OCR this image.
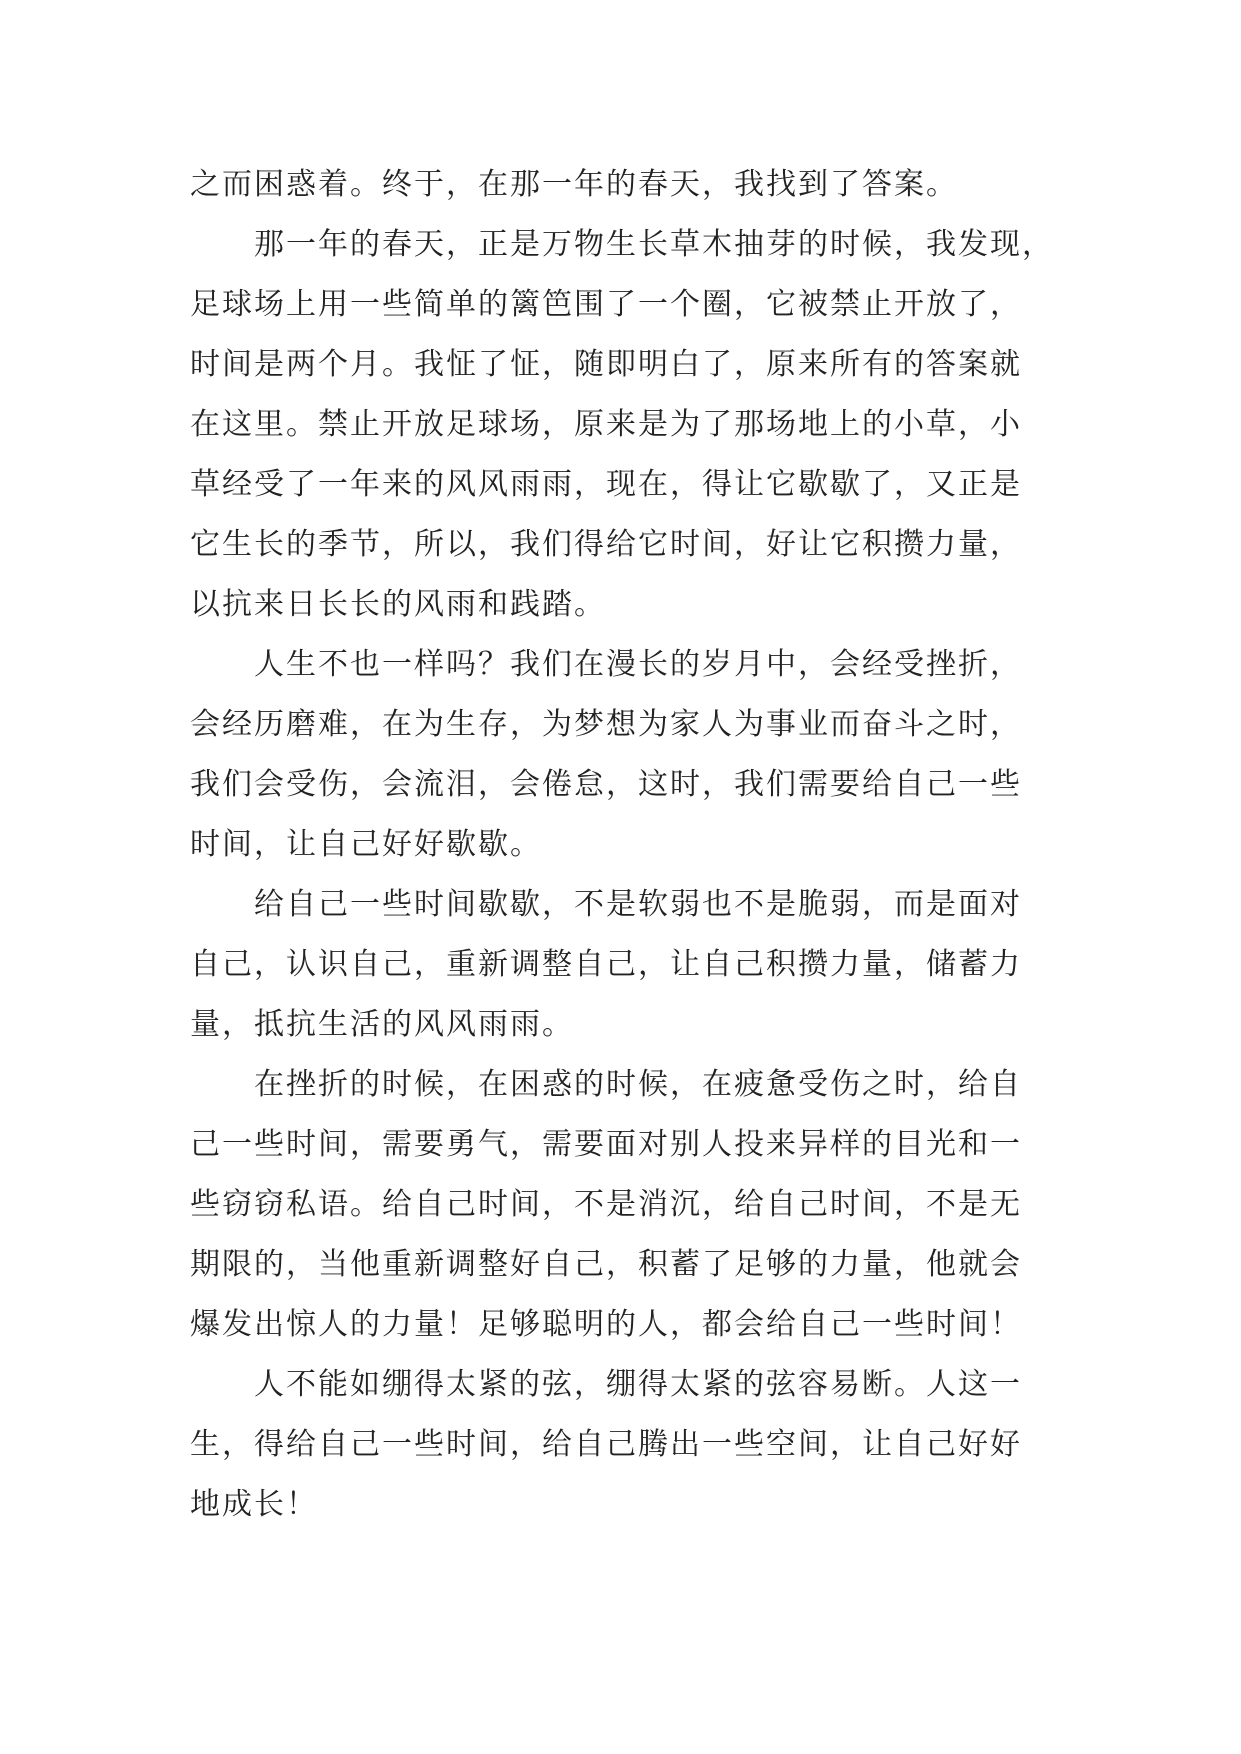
之而困惑着。终于，在那一年的春天，我找到了答案。
那一年的春天，正是万物生长草木抽芽的时候，我发现，
足球场上用一些简单的篱笆围了一个圈，它被禁止开放了，
时间是两个月。我怔了怔，随即明白了，原来所有的答案就
在这里。禁止开放足球场，原来是为了那场地上的小草，小
草经受了一年来的风风雨雨，现在，得让它歇歇了，又正是
它生长的季节，所以，我们得给它时间，好让它积攒力量，
以抗来日长长的风雨和践踏。
人生不也一样吗？我们在漫长的岁月中，会经受挫折，
会经历磨难，在为生存，为梦想为家人为事业而奋斗之时，
我们会受伤，会流泪，会倦怠，这时，我们需要给自己一些
时间，让自己好好歇歇。
给自己一些时间歇歇，不是软弱也不是脆弱，而是面对
自己，认识自己，重新调整自己，让自己积攒力量，储蓄力
量，抵抗生活的风风雨雨。
在挫折的时候，在困惑的时候，在疲惫受伤之时，给自
己一些时间，需要勇气，需要面对别人投来异样的目光和一
些窃窃私语。给自己时间，不是消沉，给自己时间，不是无
期限的，当他重新调整好自己，积蓄了足够的力量，他就会
爆发出惊人的力量！足够聪明的人，都会给自己一些时间！
人不能如绷得太紧的弦，绷得太紧的弦容易断。人这一
生，得给自己一些时间，给自己腾出一些空间，让自己好好
地成长！
